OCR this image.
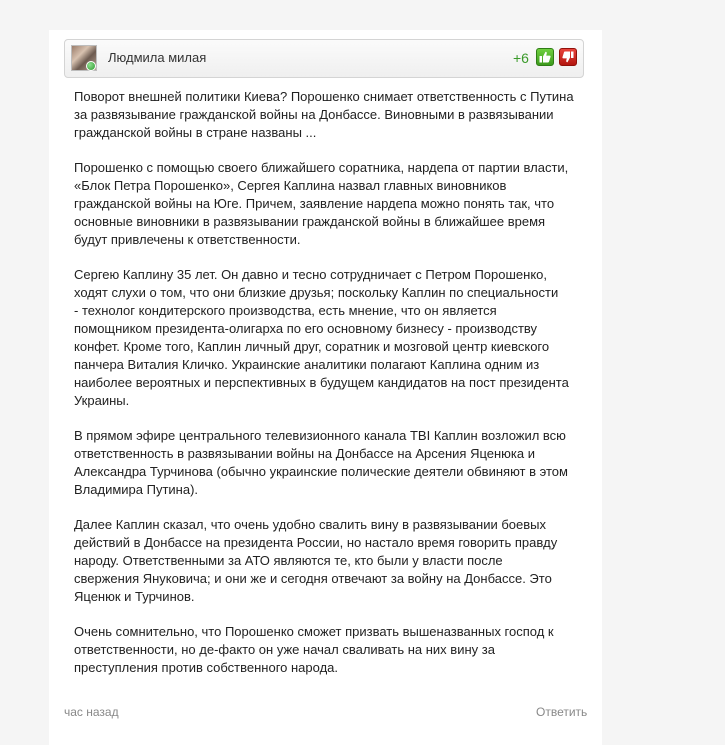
Людмила милая	+6

Поворот внешней политики Киева? Порошенко снимает ответственность с Путина
за развязывание гражданской войны на Донбассе. Виновными в развязывании
гражданской войны в стране названы ...

Порошенко с помощью своего ближайшего соратника, нардепа от партии власти,
«Блок Петра Порошенко», Сергея Каплина назвал главных виновников
гражданской войны на Юге. Причем, заявление нардепа можно понять так, что
основные виновники в развязывании гражданской войны в ближайшее время
будут привлечены к ответственности.

Сергею Каплину 35 лет. Он давно и тесно сотрудничает с Петром Порошенко,
ходят слухи о том, что они близкие друзья; поскольку Каплин по специальности
- технолог кондитерского производства, есть мнение, что он является
помощником президента-олигарха по его основному бизнесу - производству
конфет. Кроме того, Каплин личный друг, соратник и мозговой центр киевского
панчера Виталия Кличко. Украинские аналитики полагают Каплина одним из
наиболее вероятных и перспективных в будущем кандидатов на пост президента
Украины.

В прямом эфире центрального телевизионного канала ТВІ Каплин возложил всю
ответственность в развязывании войны на Донбассе на Арсения Яценюка и
Александра Турчинова (обычно украинские полические деятели обвиняют в этом
Владимира Путина).

Далее Каплин сказал, что очень удобно свалить вину в развязывании боевых
действий в Донбассе на президента России, но настало время говорить правду
народу. Ответственными за АТО являются те, кто были у власти после
свержения Януковича; и они же и сегодня отвечают за войну на Донбассе. Это
Яценюк и Турчинов.

Очень сомнительно, что Порошенко сможет призвать вышеназванных господ к
ответственности, но де-факто он уже начал сваливать на них вину за
преступления против собственного народа.

час назад	Ответить
